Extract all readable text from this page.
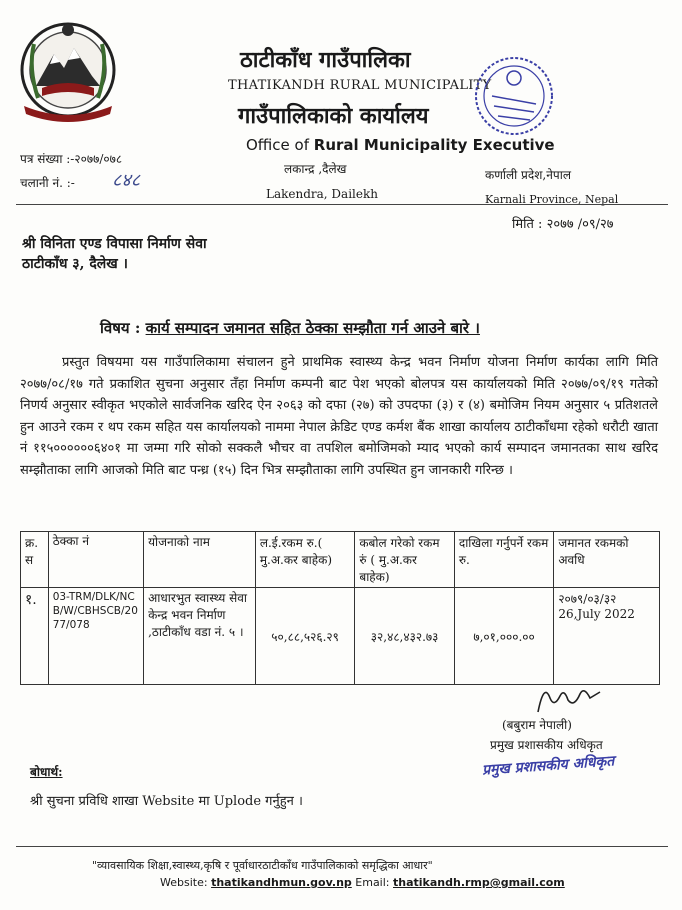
ठाटीकाँध गाउँपालिका
THATIKANDH RURAL MUNICIPALITY
गाउँपालिकाको कार्यालय
Office of Rural Municipality Executive
लकान्द्र ,दैलेख	कर्णाली प्रदेश,नेपाल
Lakendra, Dailekh	Karnali Province, Nepal
पत्र संख्या :-२०७७/०७८
चलानी नं. :- ८४८
मिति : २०७७ /०९/२७
श्री विनिता एण्ड विपासा निर्माण सेवा
ठाटीकाँध ३, दैलेख ।
विषय : कार्य सम्पादन जमानत सहित ठेक्का सम्झौता गर्न आउने बारे ।
प्रस्तुत विषयमा यस गाउँपालिकामा संचालन हुने प्राथमिक स्वास्थ्य केन्द्र भवन निर्माण योजना निर्माण कार्यका लागि मिति २०७७/०८/१७ गते प्रकाशित सुचना अनुसार तँहा निर्माण कम्पनी बाट पेश भएको बोलपत्र यस कार्यालयको मिति २०७७/०९/१९ गतेको निणर्य अनुसार स्वीकृत भएकोले सार्वजनिक खरिद ऐन २०६३ को दफा (२७) को उपदफा (३) र (४) बमोजिम नियम अनुसार ५ प्रतिशतले हुन आउने रकम र थप रकम सहित यस कार्यालयको नाममा नेपाल क्रेडिट एण्ड कर्मश बैंक शाखा कार्यालय ठाटीकाँधमा रहेको धरौटी खाता नं ११५००००००६४०१ मा जम्मा गरि सोको सक्कलै भौचर वा तपशिल बमोजिमको म्याद भएको कार्य सम्पादन जमानतका साथ खरिद सम्झौताका लागि आजको मिति बाट पन्ध्र (१५) दिन भित्र सम्झौताका लागि उपस्थित हुन जानकारी गरिन्छ ।
क्र. स	ठेक्का नं	योजनाको नाम	ल.ई.रकम रु.( मु.अ.कर बाहेक)	कबोल गरेको रकम रुं ( मु.अ.कर बाहेक)	दाखिला गर्नुपर्ने रकम रु.	जमानत रकमको अवधि
१.	03-TRM/DLK/NCB/W/CBHSCB/2077/078	आधारभुत स्वास्थ्य सेवा केन्द्र भवन निर्माण ,ठाटीकाँध वडा नं. ५ ।	५०,८८,५२६.२९	३२,४८,४३२.७३	७,०१,०००.००	२०७९/०३/३२
26,July 2022
(बबुराम नेपाली)
प्रमुख प्रशासकीय अधिकृत
प्रमुख प्रशासकीय अधिकृत
बोधार्थ:
श्री सुचना प्रविधि शाखा Website मा Uplode गर्नुहुन ।
"व्यावसायिक शिक्षा,स्वास्थ्य,कृषि र पूर्वाधारठाटीकाँध गाउँपालिकाको समृद्धिका आधार"
Website: thatikandhmun.gov.np Email: thatikandh.rmp@gmail.com
